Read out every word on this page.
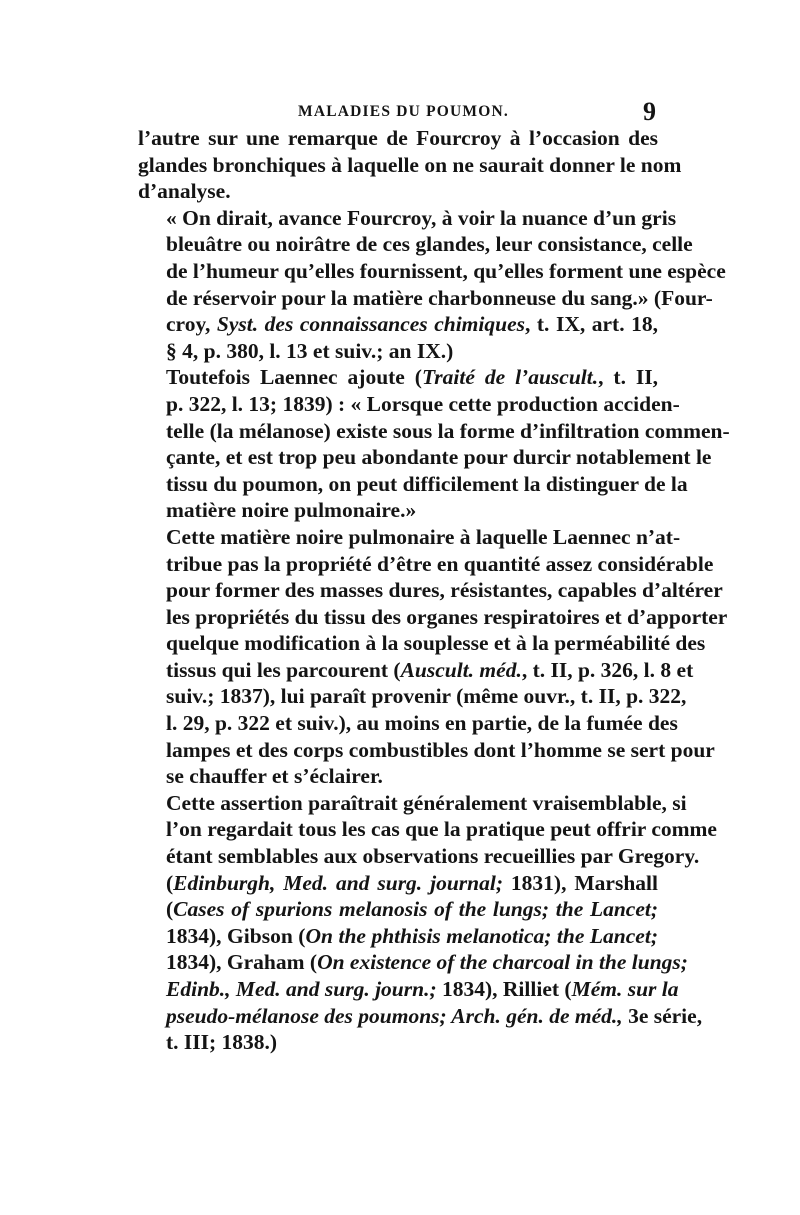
MALADIES DU POUMON.	9

l’autre sur une remarque de Fourcroy à l’occasion des
glandes bronchiques à laquelle on ne saurait donner le nom
d’analyse.

« On dirait, avance Fourcroy, à voir la nuance d’un gris
bleuâtre ou noirâtre de ces glandes, leur consistance, celle
de l’humeur qu’elles fournissent, qu’elles forment une espèce
de réservoir pour la matière charbonneuse du sang.» (Four-
croy, Syst. des connaissances chimiques, t. IX, art. 18,
§ 4, p. 380, l. 13 et suiv.; an IX.)

Toutefois Laennec ajoute (Traité de l’auscult., t. II,
p. 322, l. 13; 1839) : « Lorsque cette production acciden-
telle (la mélanose) existe sous la forme d’infiltration commen-
çante, et est trop peu abondante pour durcir notablement le
tissu du poumon, on peut difficilement la distinguer de la
matière noire pulmonaire.»

Cette matière noire pulmonaire à laquelle Laennec n’at-
tribue pas la propriété d’être en quantité assez considérable
pour former des masses dures, résistantes, capables d’altérer
les propriétés du tissu des organes respiratoires et d’apporter
quelque modification à la souplesse et à la perméabilité des
tissus qui les parcourent (Auscult. méd., t. II, p. 326, l. 8 et
suiv.; 1837), lui paraît provenir (même ouvr., t. II, p. 322,
l. 29, p. 322 et suiv.), au moins en partie, de la fumée des
lampes et des corps combustibles dont l’homme se sert pour
se chauffer et s’éclairer.

Cette assertion paraîtrait généralement vraisemblable, si
l’on regardait tous les cas que la pratique peut offrir comme
étant semblables aux observations recueillies par Gregory.
(Edinburgh, Med. and surg. journal; 1831), Marshall
(Cases of spurions melanosis of the lungs; the Lancet;
1834), Gibson (On the phthisis melanotica; the Lancet;
1834), Graham (On existence of the charcoal in the lungs;
Edinb., Med. and surg. journ.; 1834), Rilliet (Mém. sur la
pseudo-mélanose des poumons; Arch. gén. de méd., 3e série,
t. III; 1838.)
